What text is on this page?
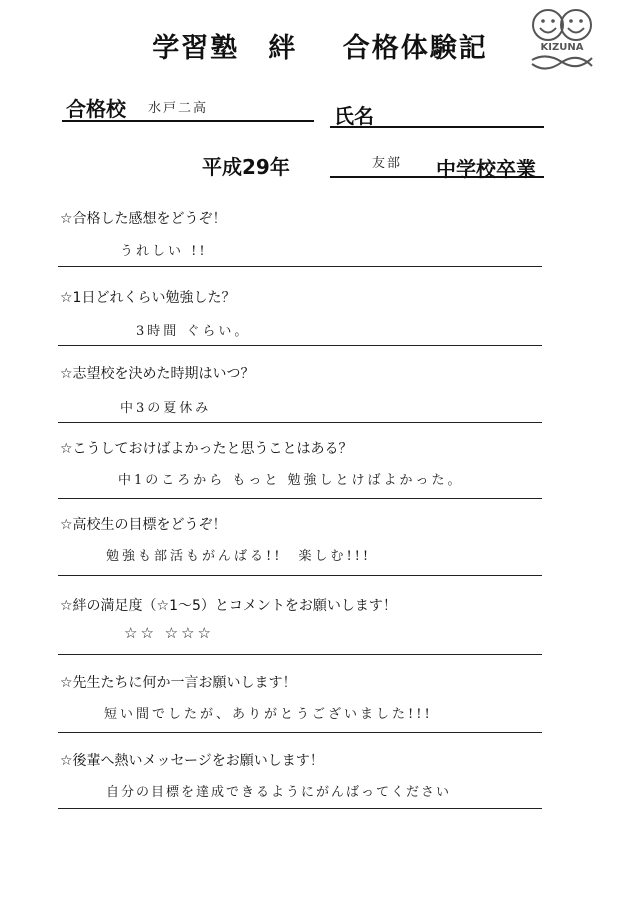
学習塾　絆 合格体験記	KIZUNA
合格校 水戸二高	氏名
平成29年	友部 中学校卒業
☆合格した感想をどうぞ！
うれしい !!
☆1日どれくらい勉強した？
3時間 ぐらい。
☆志望校を決めた時期はいつ？
中3の夏休み
☆こうしておけばよかったと思うことはある？
中1のころから もっと 勉強しとけばよかった。
☆高校生の目標をどうぞ！
勉強も部活もがんばる!!　楽しむ!!!
☆絆の満足度（☆1～5）とコメントをお願いします！
☆☆ ☆☆☆
☆先生たちに何か一言お願いします！
短い間でしたが、ありがとうございました!!!
☆後輩へ熱いメッセージをお願いします！
自分の目標を達成できるようにがんばってください
